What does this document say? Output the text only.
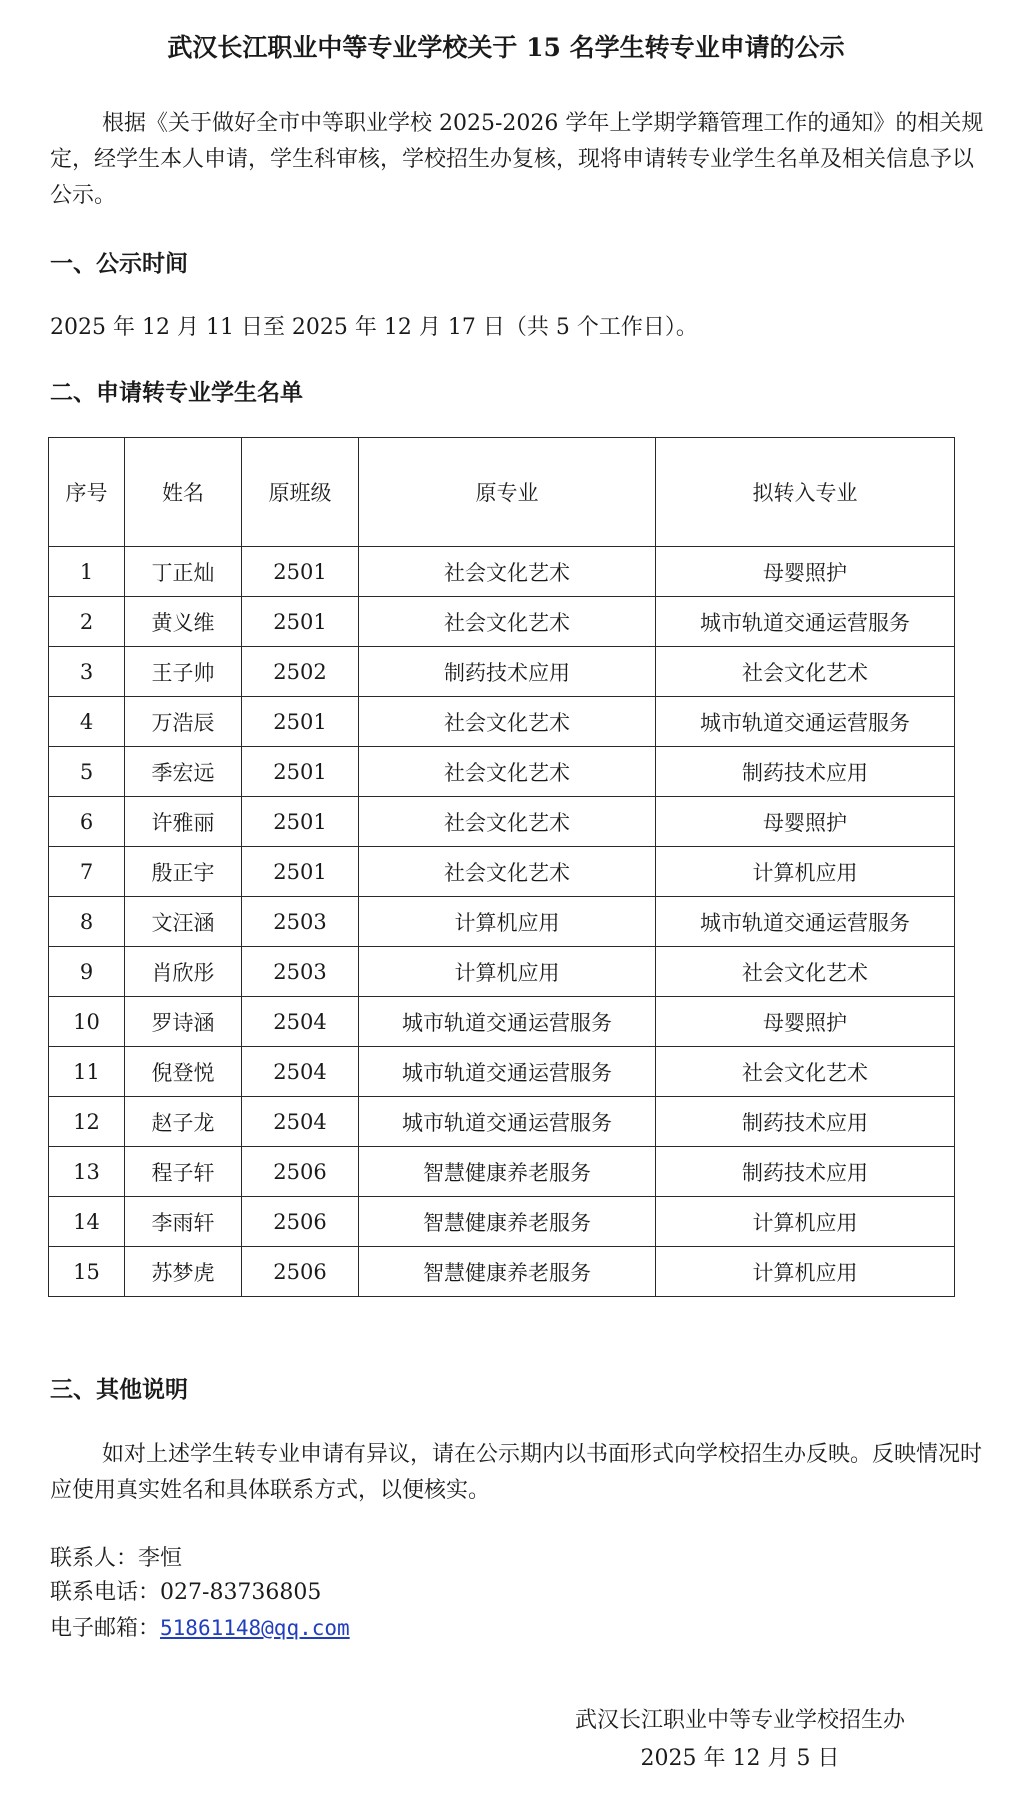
武汉长江职业中等专业学校关于 15 名学生转专业申请的公示
根据《关于做好全市中等职业学校 2025-2026 学年上学期学籍管理工作的通知》的相关规定，经学生本人申请，学生科审核，学校招生办复核，现将申请转专业学生名单及相关信息予以公示。
一、公示时间
2025 年 12 月 11 日至 2025 年 12 月 17 日（共 5 个工作日）。
二、申请转专业学生名单
序号	姓名	原班级	原专业	拟转入专业
1	丁正灿	2501	社会文化艺术	母婴照护
2	黄义维	2501	社会文化艺术	城市轨道交通运营服务
3	王子帅	2502	制药技术应用	社会文化艺术
4	万浩辰	2501	社会文化艺术	城市轨道交通运营服务
5	季宏远	2501	社会文化艺术	制药技术应用
6	许雅丽	2501	社会文化艺术	母婴照护
7	殷正宇	2501	社会文化艺术	计算机应用
8	文汪涵	2503	计算机应用	城市轨道交通运营服务
9	肖欣彤	2503	计算机应用	社会文化艺术
10	罗诗涵	2504	城市轨道交通运营服务	母婴照护
11	倪登悦	2504	城市轨道交通运营服务	社会文化艺术
12	赵子龙	2504	城市轨道交通运营服务	制药技术应用
13	程子轩	2506	智慧健康养老服务	制药技术应用
14	李雨轩	2506	智慧健康养老服务	计算机应用
15	苏梦虎	2506	智慧健康养老服务	计算机应用
三、其他说明
如对上述学生转专业申请有异议，请在公示期内以书面形式向学校招生办反映。反映情况时应使用真实姓名和具体联系方式，以便核实。
联系人：李恒
联系电话：027-83736805
电子邮箱：51861148@qq.com
武汉长江职业中等专业学校招生办
2025 年 12 月 5 日
